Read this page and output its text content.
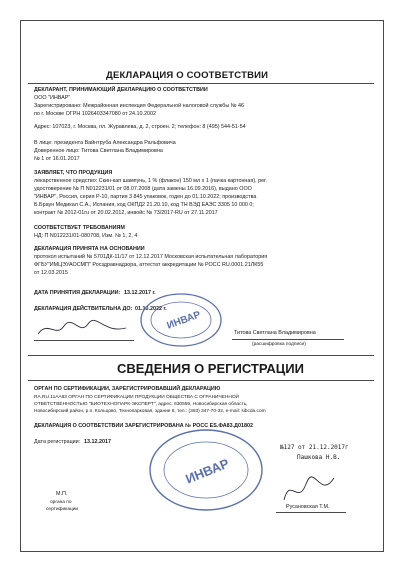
ДЕКЛАРАЦИЯ О СООТВЕТСТВИИ
ДЕКЛАРАНТ, ПРИНИМАЮЩИЙ ДЕКЛАРАЦИЮ О СООТВЕТСТВИИ
ООО "ИНВАР"
Зарегистрировано: Межрайонная инспекция Федеральной налоговой службы № 46
по г. Москве ОГРН 1026403347080 от 24.10.2002
Адрес: 107023, г. Москва, пл. Журавлева, д. 2, строен. 2; телефон: 8 (495) 544-51-54
В лице: президента Вайнтруба Александра Ральфовича
Доверенное лицо: Титова Светлана Владимировна
№ 1 от 16.01.2017
ЗАЯВЛЯЕТ, ЧТО ПРОДУКЦИЯ
лекарственное средство: Скин-кап шампунь, 1 % (флакон) 150 мл х 1 (пачка картонная), рег.
удостоверение № П N012231/01 от 08.07.2008 (дата замены 16.09.2016), выдано ООО
"ИНВАР", Россия, серия Р-10, партия 3 845 упаковок, годен до 01.10.2022; производства
Б.Браун Медикал С.А., Испания, код ОКПД2 21.20.10, код ТН ВЭД ЕАЭС 3305 10 000 0;
контракт № 2012-01ru от 20.02.2012, инвойс № 73/2017-RU от 27.11.2017
СООТВЕТСТВУЕТ ТРЕБОВАНИЯМ
НД: П N012231/01-080708, Изм. № 1, 2, 4
ДЕКЛАРАЦИЯ ПРИНЯТА НА ОСНОВАНИИ
протокол испытаний № 5701ДК-11/17 от 12.12.2017 Московская испытательная лаборатория
ФГБУ"ИМЦЭУАОСМП" Росздравнадзора, аттестат аккредитации № РОСС RU.0001.21ЛК55
от 12.03.2015
ДАТА ПРИНЯТИЯ ДЕКЛАРАЦИИ: 13.12.2017 г.
ДЕКЛАРАЦИЯ ДЕЙСТВИТЕЛЬНА ДО: 01.10.2022 г.
Титова Светлана Владимировна
(расшифровка подписи)
ИНВАР
СВЕДЕНИЯ О РЕГИСТРАЦИИ
ОРГАН ПО СЕРТИФИКАЦИИ, ЗАРЕГИСТРИРОВАВШИЙ ДЕКЛАРАЦИЮ
RA.RU.11АА83 ОРГАН ПО СЕРТИФИКАЦИИ ПРОДУКЦИИ ОБЩЕСТВА С ОГРАНИЧЕННОЙ
ОТВЕТСТВЕННОСТЬЮ "БИОТЕХНОПАРК-ЭКСПЕРТ", адрес: 630559, Новосибирская область,
Новосибирский район, р.п. Кольцово, Технопарковая, здание 8, тел.: (383) 347-70-32, e-mail: sibcda.com
ДЕКЛАРАЦИЯ О СООТВЕТСТВИИ ЗАРЕГИСТРИРОВАНА № РОСС ES.ФА83.Д01802
Дата регистрации: 13.12.2017
М.П.
органа по
сертификации
ИНВАР
№127 от 21.12.2017г
Пашкова Н.В.
Русановская Т.М.
